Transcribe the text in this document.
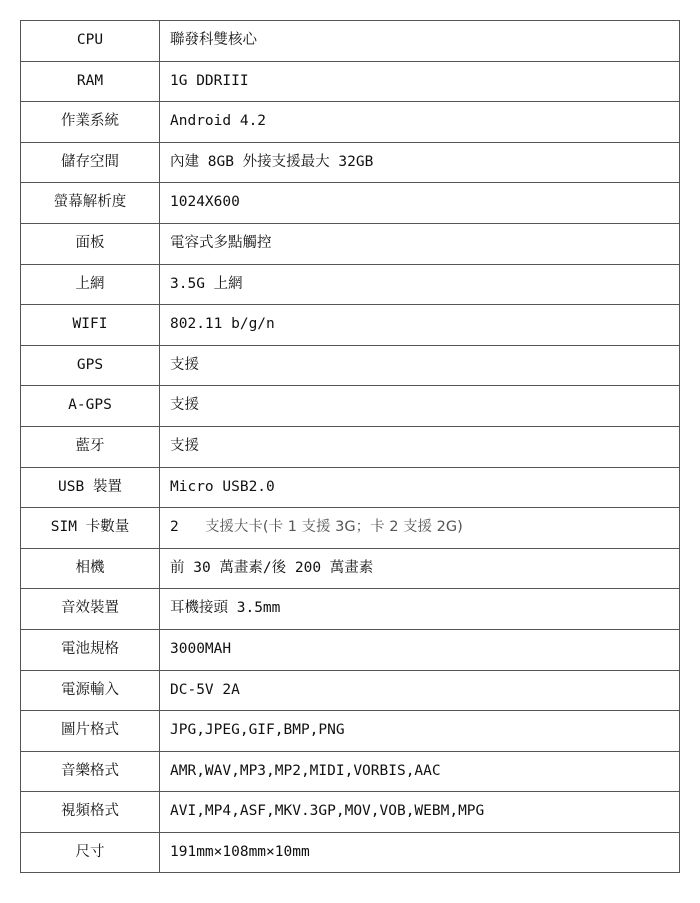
CPU	聯發科雙核心
RAM	1G DDRIII
作業系統	Android 4.2
儲存空間	內建 8GB 外接支援最大 32GB
螢幕解析度	1024X600
面板	電容式多點觸控
上網	3.5G 上網
WIFI	802.11 b/g/n
GPS	支援
A-GPS	支援
藍牙	支援
USB 裝置	Micro USB2.0
SIM 卡數量	2 支援大卡(卡 1 支援 3G；卡 2 支援 2G)
相機	前 30 萬畫素/後 200 萬畫素
音效裝置	耳機接頭 3.5mm
電池規格	3000MAH
電源輸入	DC-5V 2A
圖片格式	JPG,JPEG,GIF,BMP,PNG
音樂格式	AMR,WAV,MP3,MP2,MIDI,VORBIS,AAC
視頻格式	AVI,MP4,ASF,MKV.3GP,MOV,VOB,WEBM,MPG
尺寸	191mm×108mm×10mm
